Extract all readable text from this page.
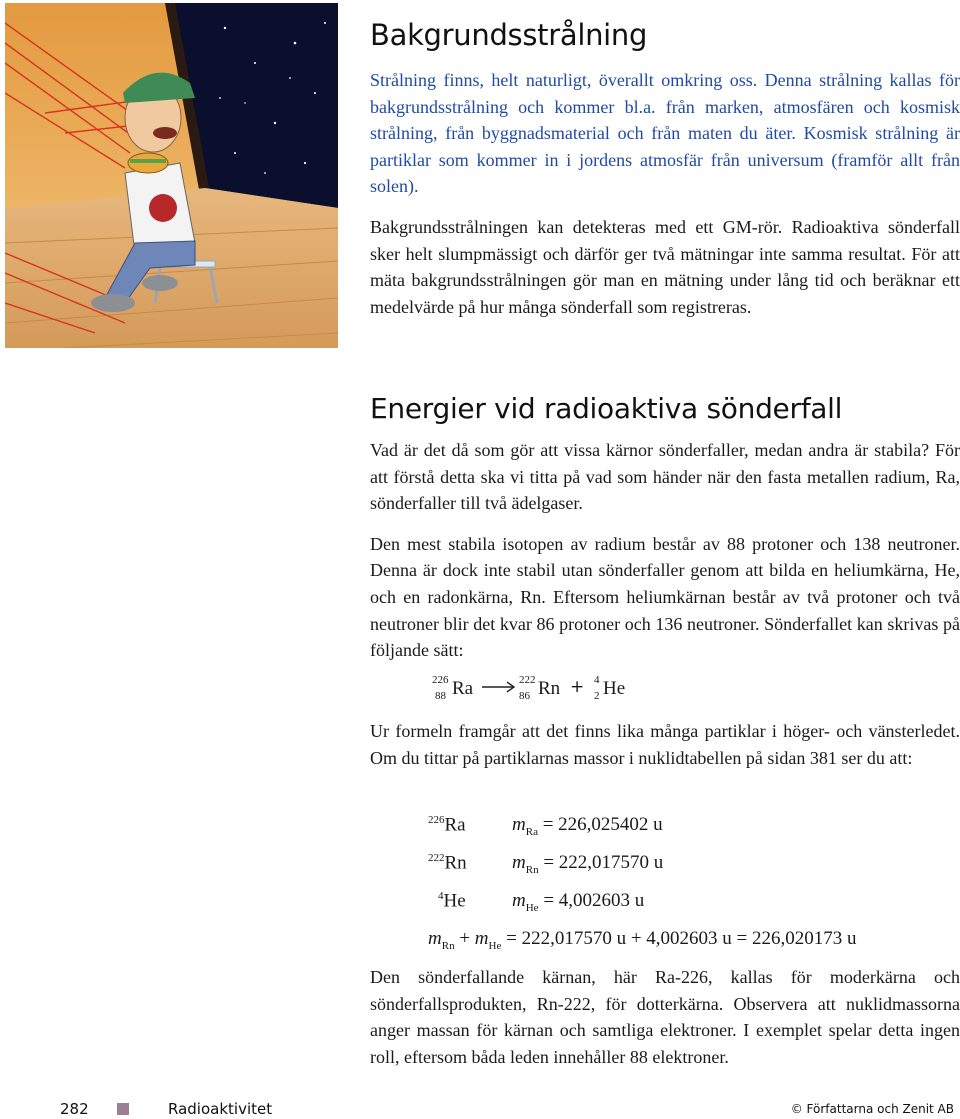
Bakgrundsstrålning

Strålning finns, helt naturligt, överallt omkring oss. Denna strålning kallas för bakgrundsstrålning och kommer bl.a. från marken, atmosfären och kosmisk strålning, från byggnadsmaterial och från maten du äter. Kosmisk strålning är partiklar som kommer in i jordens atmosfär från universum (framför allt från solen).

Bakgrundsstrålningen kan detekteras med ett GM-rör. Radioaktiva sönderfall sker helt slumpmässigt och därför ger två mätningar inte samma resultat. För att mäta bakgrundsstrålningen gör man en mätning under lång tid och beräknar ett medelvärde på hur många sönderfall som registreras.

Energier vid radioaktiva sönderfall

Vad är det då som gör att vissa kärnor sönderfaller, medan andra är stabila? För att förstå detta ska vi titta på vad som händer när den fasta metallen radium, Ra, sönderfaller till två ädelgaser.

Den mest stabila isotopen av radium består av 88 protoner och 138 neutroner. Denna är dock inte stabil utan sönderfaller genom att bilda en heliumkärna, He, och en radonkärna, Rn. Eftersom heliumkärnan består av två protoner och två neutroner blir det kvar 86 protoner och 136 neutroner. Sönderfallet kan skrivas på följande sätt:

226
88 Ra	222
86 Rn + 4
2 He

Ur formeln framgår att det finns lika många partiklar i höger- och vänsterledet. Om du tittar på partiklarnas massor i nuklidtabellen på sidan 381 ser du att:

$^{226}$Ra $m_{Ra} = 226,025402$ u
$^{222}$Rn $m_{Rn} = 222,017570$ u
$^4$He $m_{He} = 4,002603$ u
$m_{Rn} + m_{He} = 222,017570$ u + 4,002603 u = 226,020173 u

Den sönderfallande kärnan, här Ra-226, kallas för moderkärna och sönderfallsprodukten, Rn-222, för dotterkärna. Observera att nuklidmassorna anger massan för kärnan och samtliga elektroner. I exemplet spelar detta ingen roll, eftersom båda leden innehåller 88 elektroner.

282	Radioaktivitet	© Författarna och Zenit AB
